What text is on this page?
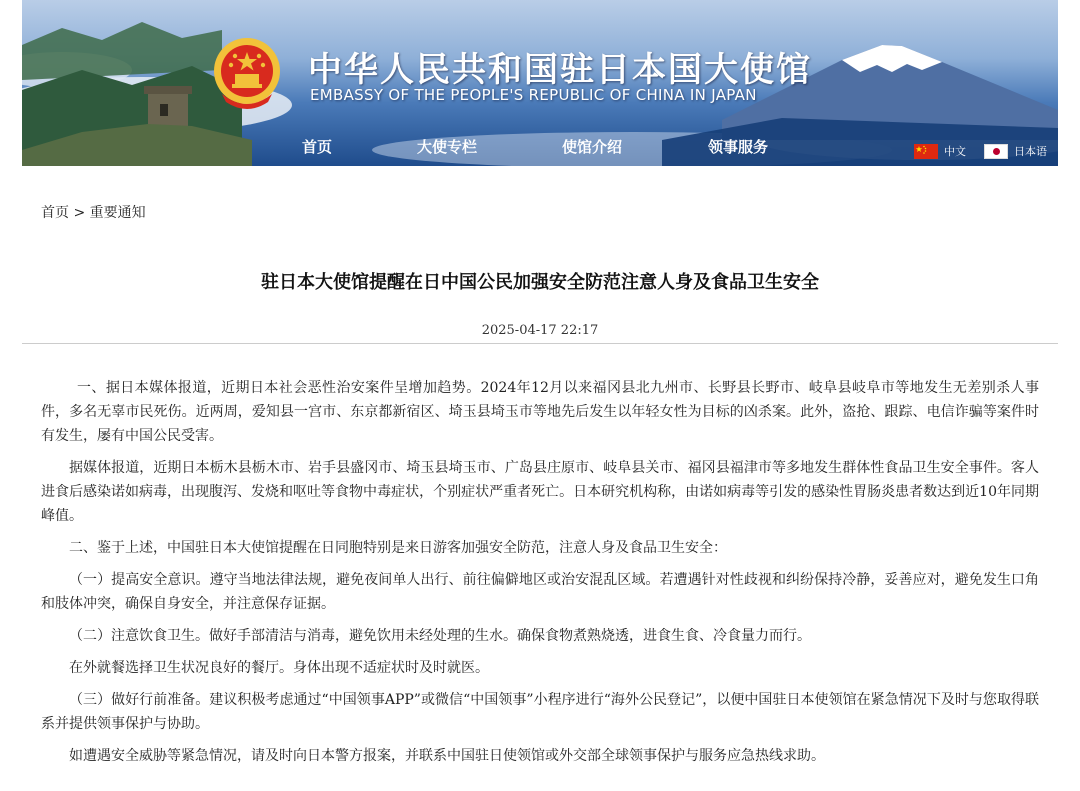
中华人民共和国驻日本国大使馆
EMBASSY OF THE PEOPLE'S REPUBLIC OF CHINA IN JAPAN
首页	大使专栏	使馆介绍	领事服务	中文	日本语
首页 > 重要通知
驻日本大使馆提醒在日中国公民加强安全防范注意人身及食品卫生安全
2025-04-17 22:17

一、据日本媒体报道，近期日本社会恶性治安案件呈增加趋势。2024年12月以来福冈县北九州市、长野县长野市、岐阜县岐阜市等地发生无差别杀人事件，多名无辜市民死伤。近两周，爱知县一宫市、东京都新宿区、埼玉县埼玉市等地先后发生以年轻女性为目标的凶杀案。此外，盗抢、跟踪、电信诈骗等案件时有发生，屡有中国公民受害。

据媒体报道，近期日本栃木县栃木市、岩手县盛冈市、埼玉县埼玉市、广岛县庄原市、岐阜县关市、福冈县福津市等多地发生群体性食品卫生安全事件。客人进食后感染诺如病毒，出现腹泻、发烧和呕吐等食物中毒症状，个别症状严重者死亡。日本研究机构称，由诺如病毒等引发的感染性胃肠炎患者数达到近10年同期峰值。

二、鉴于上述，中国驻日本大使馆提醒在日同胞特别是来日游客加强安全防范，注意人身及食品卫生安全：

（一）提高安全意识。遵守当地法律法规，避免夜间单人出行、前往偏僻地区或治安混乱区域。若遭遇针对性歧视和纠纷保持冷静，妥善应对，避免发生口角和肢体冲突，确保自身安全，并注意保存证据。

（二）注意饮食卫生。做好手部清洁与消毒，避免饮用未经处理的生水。确保食物煮熟烧透，进食生食、冷食量力而行。

在外就餐选择卫生状况良好的餐厅。身体出现不适症状时及时就医。

（三）做好行前准备。建议积极考虑通过“中国领事APP”或微信“中国领事”小程序进行“海外公民登记”，以便中国驻日本使领馆在紧急情况下及时与您取得联系并提供领事保护与协助。

如遭遇安全威胁等紧急情况，请及时向日本警方报案，并联系中国驻日使领馆或外交部全球领事保护与服务应急热线求助。
